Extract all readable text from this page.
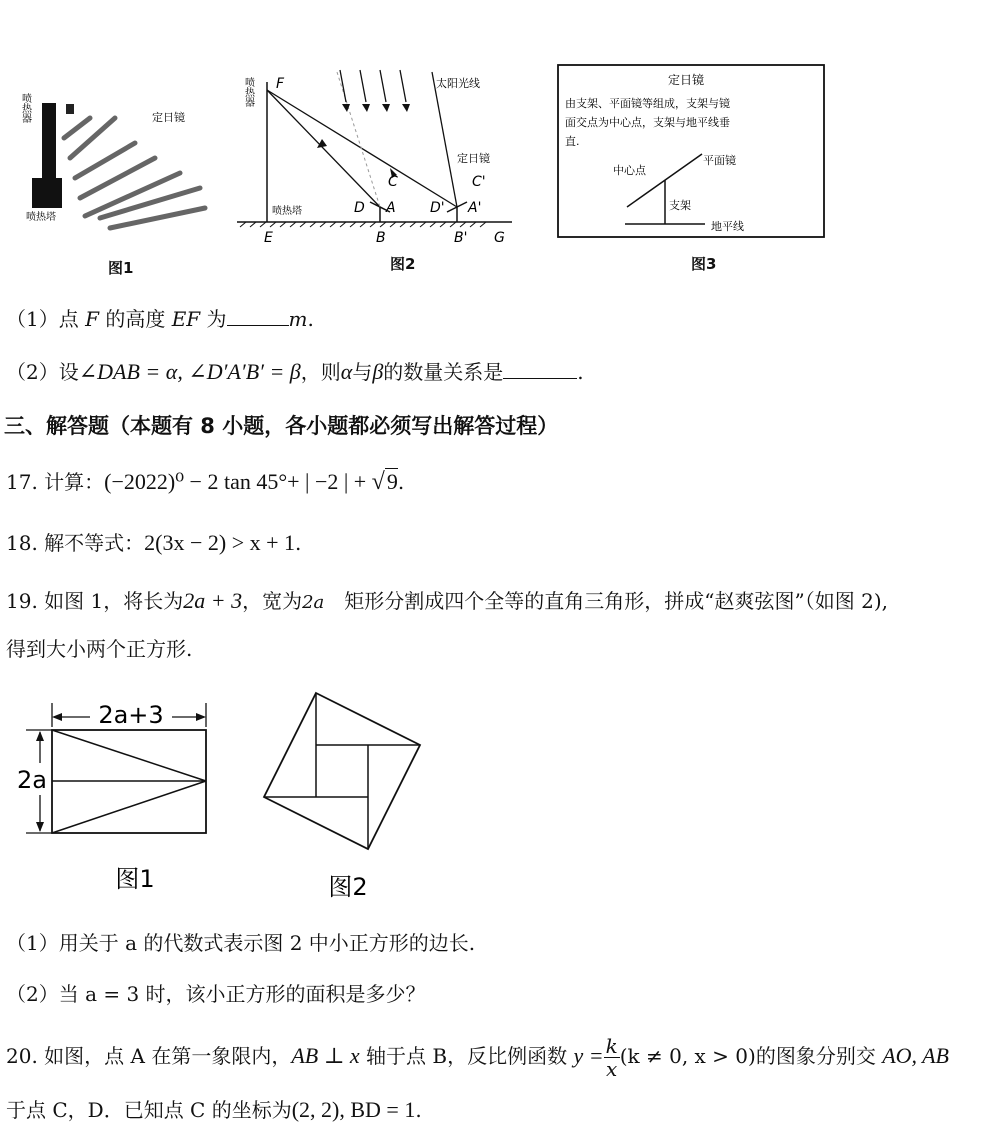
喷热器	定日镜
喷热塔
图1
喷热器	太阳光线
定日镜
喷热塔
F
C	C'
D A D' A'
E	B	B' G
图2
定日镜
由支架、平面镜等组成，支架与镜
面交点为中心点，支架与地平线垂
直.
中心点
平面镜
支架
地平线
图3
（1）点 F 的高度 EF 为	m.
（2）设∠DAB = α, ∠D′A′B′ = β，则α与β的数量关系是	.
三、解答题（本题有 8 小题，各小题都必须写出解答过程）
17. 计算：(−2022)⁰ − 2 tan 45°+ | −2 | + √9.
18. 解不等式：2(3x − 2) > x + 1.
19. 如图 1，将长为2a + 3，宽为2a 矩形分割成四个全等的直角三角形，拼成“赵爽弦图”（如图 2),
得到大小两个正方形.
2a+3
2a
图1	图2
（1）用关于 a 的代数式表示图 2 中小正方形的边长.
（2）当 a = 3 时，该小正方形的面积是多少？
20. 如图，点 A 在第一象限内，AB ⊥ x 轴于点 B，反比例函数 $y = \frac{k}{x} (k \ne 0$, x > 0)的图象分别交 AO, AB
于点 C，D．已知点 C 的坐标为(2, 2), BD = 1.
